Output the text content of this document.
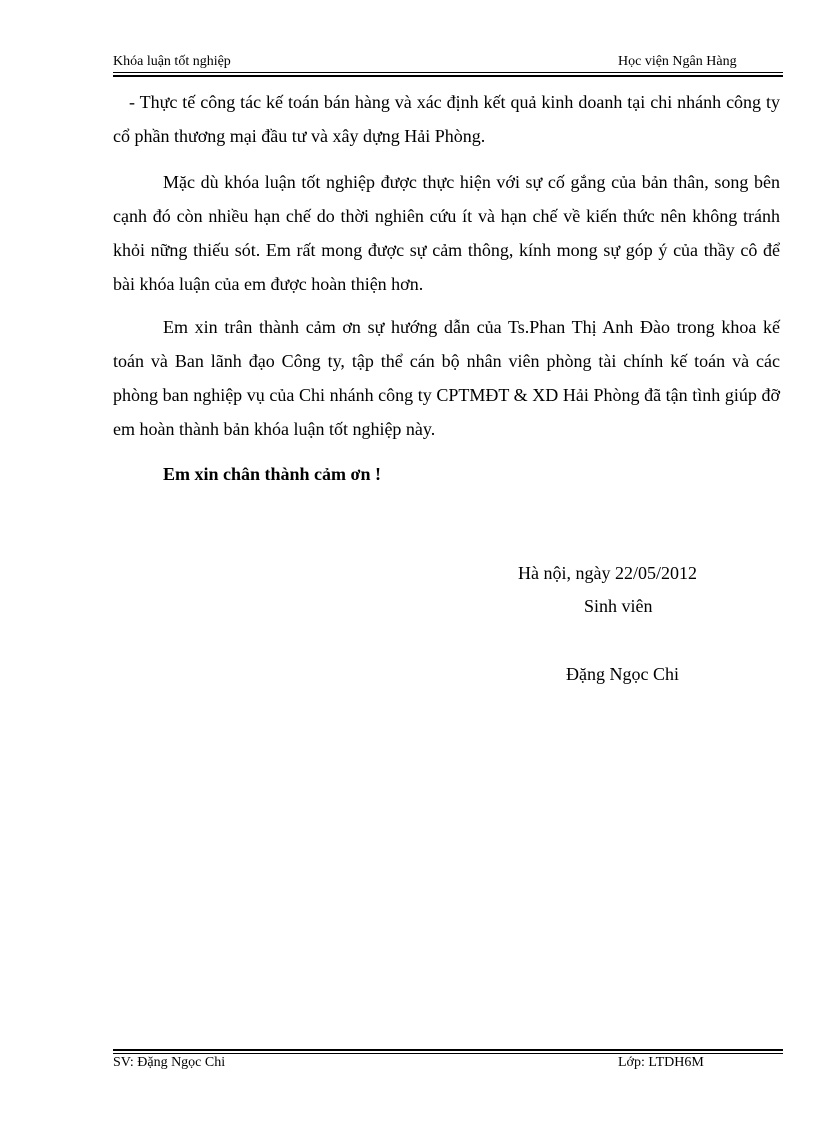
Khóa luận tốt nghiệp	Học viện Ngân Hàng

- Thực tế công tác kế toán bán hàng và xác định kết quả kinh doanh tại chi nhánh công ty cổ phần thương mại đầu tư và xây dựng Hải Phòng.

Mặc dù khóa luận tốt nghiệp được thực hiện với sự cố gắng của bản thân, song bên cạnh đó còn nhiều hạn chế do thời nghiên cứu ít và hạn chế về kiến thức nên không tránh khỏi nững thiếu sót. Em rất mong được sự cảm thông, kính mong sự góp ý của thầy cô để bài khóa luận của em được hoàn thiện hơn.

Em xin trân thành cảm ơn sự hướng dẫn của Ts.Phan Thị Anh Đào trong khoa kế toán và Ban lãnh đạo Công ty, tập thể cán bộ nhân viên phòng tài chính kế toán và các phòng ban nghiệp vụ của Chi nhánh công ty CPTMĐT & XD Hải Phòng đã tận tình giúp đỡ em hoàn thành bản khóa luận tốt nghiệp này.

Em xin chân thành cảm ơn !

Hà nội, ngày 22/05/2012
Sinh viên
Đặng Ngọc Chi
SV: Đặng Ngọc Chi	Lớp: LTDH6M
